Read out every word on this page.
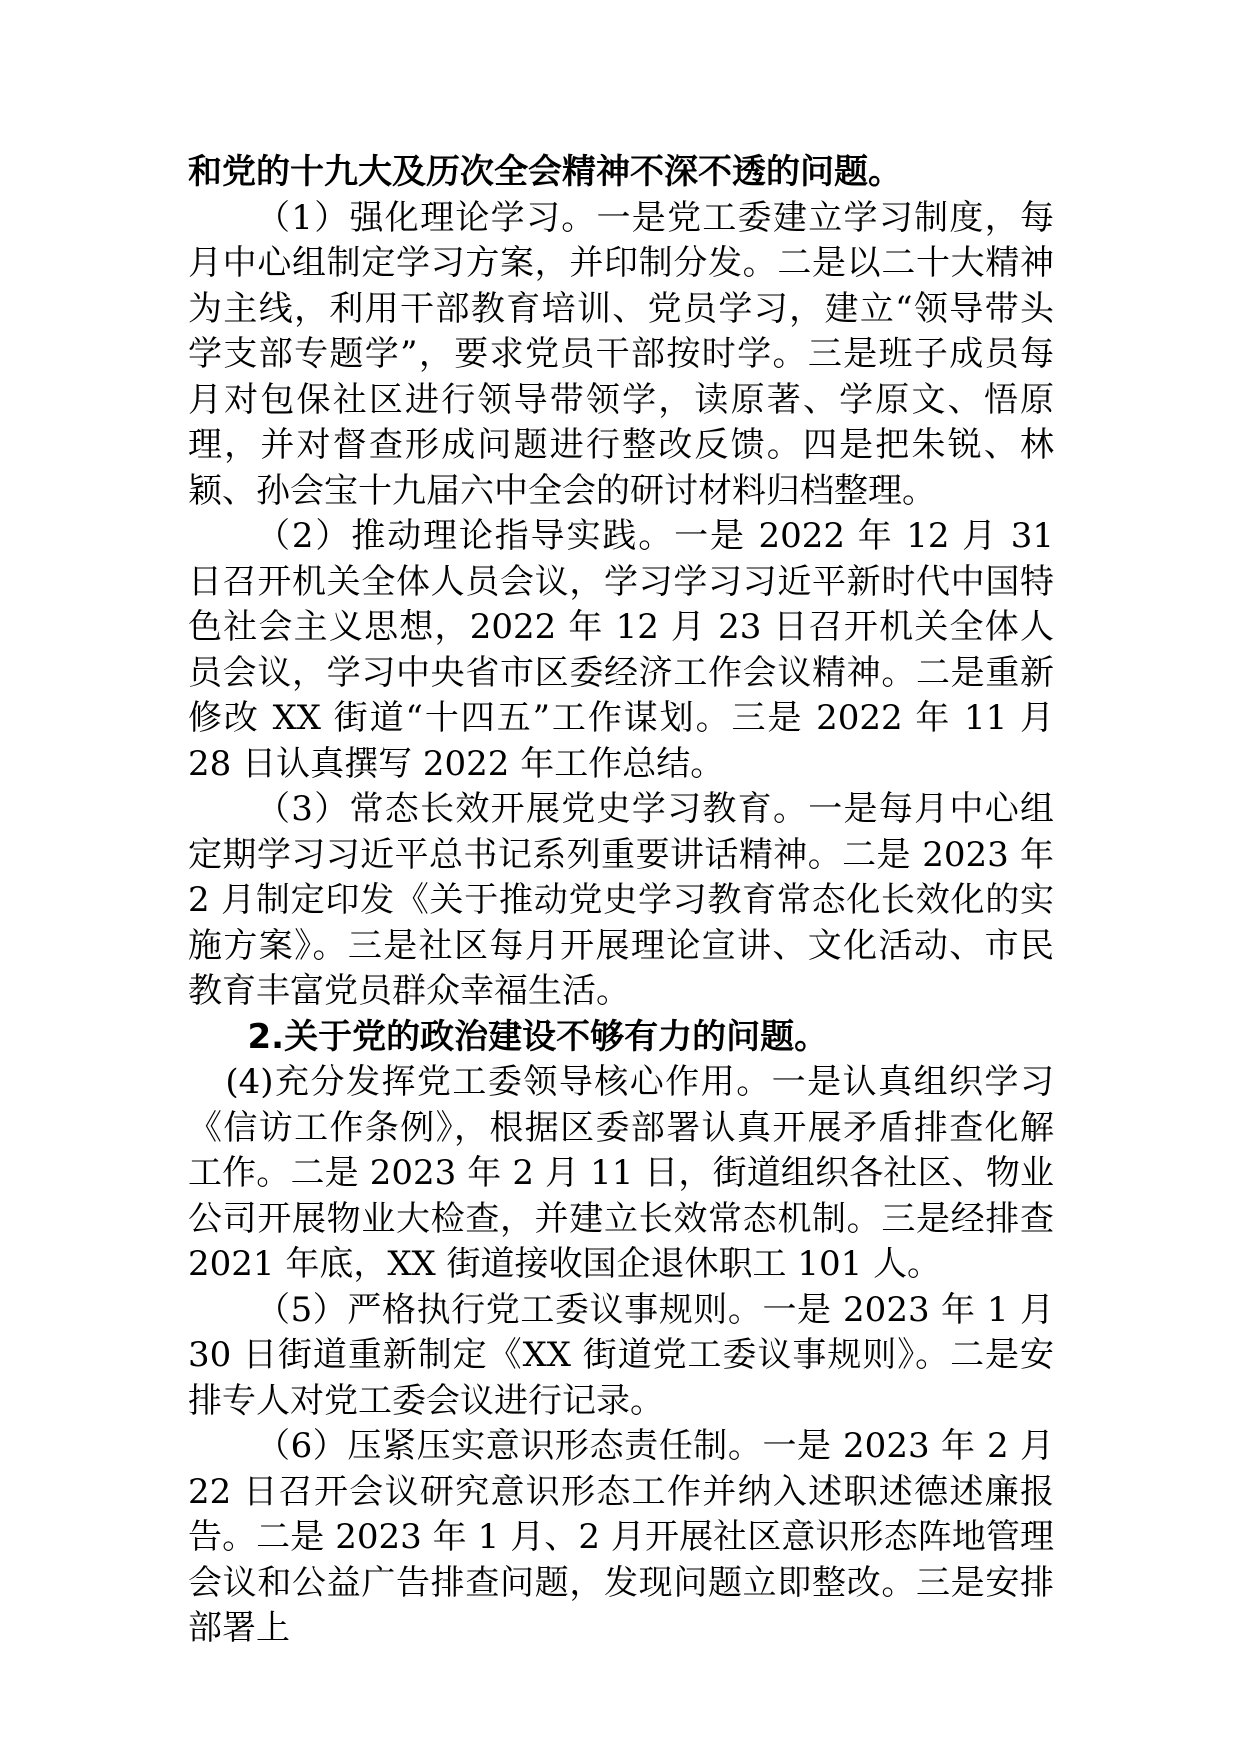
和党的十九大及历次全会精神不深不透的问题。

（1）强化理论学习。一是党工委建立学习制度，每月中心组制定学习方案，并印制分发。二是以二十大精神为主线，利用干部教育培训、党员学习，建立“领导带头学支部专题学”，要求党员干部按时学。三是班子成员每月对包保社区进行领导带领学，读原著、学原文、悟原理，并对督查形成问题进行整改反馈。四是把朱锐、林颖、孙会宝十九届六中全会的研讨材料归档整理。

（2）推动理论指导实践。一是 2022 年 12 月 31 日召开机关全体人员会议，学习学习习近平新时代中国特色社会主义思想，2022 年 12 月 23 日召开机关全体人员会议，学习中央省市区委经济工作会议精神。二是重新修改 XX 街道“十四五”工作谋划。三是 2022 年 11 月 28 日认真撰写 2022 年工作总结。

（3）常态长效开展党史学习教育。一是每月中心组定期学习习近平总书记系列重要讲话精神。二是 2023 年 2 月制定印发《关于推动党史学习教育常态化长效化的实施方案》。三是社区每月开展理论宣讲、文化活动、市民教育丰富党员群众幸福生活。

2.关于党的政治建设不够有力的问题。

(4)充分发挥党工委领导核心作用。一是认真组织学习《信访工作条例》，根据区委部署认真开展矛盾排查化解工作。二是 2023 年 2 月 11 日，街道组织各社区、物业公司开展物业大检查，并建立长效常态机制。三是经排查 2021 年底，XX 街道接收国企退休职工 101 人。

（5）严格执行党工委议事规则。一是 2023 年 1 月 30 日街道重新制定《XX 街道党工委议事规则》。二是安排专人对党工委会议进行记录。

（6）压紧压实意识形态责任制。一是 2023 年 2 月 22 日召开会议研究意识形态工作并纳入述职述德述廉报告。二是 2023 年 1 月、2 月开展社区意识形态阵地管理会议和公益广告排查问题，发现问题立即整改。三是安排部署上
